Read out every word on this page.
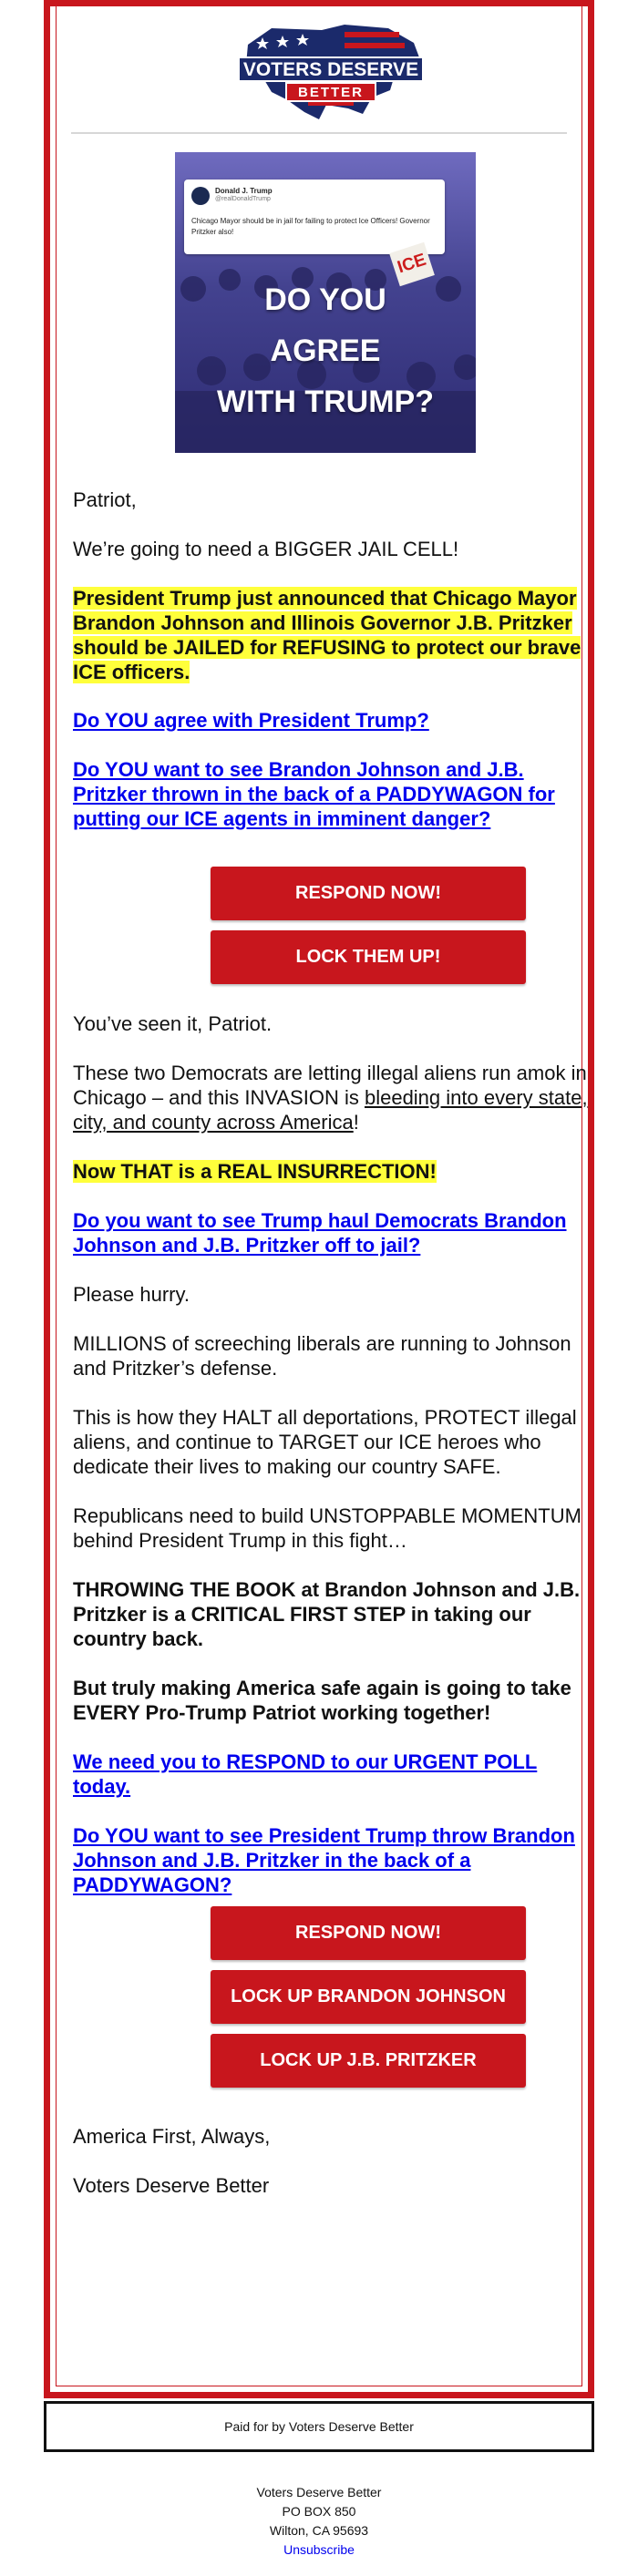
VOTERS DESERVE
BETTER
Donald J. Trump
@realDonaldTrump
Chicago Mayor should be in jail for failing to protect Ice Officers! Governor Pritzker also!
ICE
DO YOU
AGREE
WITH TRUMP?
Patriot,
We’re going to need a BIGGER JAIL CELL!
President Trump just announced that Chicago Mayor Brandon Johnson and Illinois Governor J.B. Pritzker should be JAILED for REFUSING to protect our brave ICE officers.
Do YOU agree with President Trump?
Do YOU want to see Brandon Johnson and J.B. Pritzker thrown in the back of a PADDYWAGON for putting our ICE agents in imminent danger?
RESPOND NOW!
LOCK THEM UP!
You’ve seen it, Patriot.
These two Democrats are letting illegal aliens run amok in Chicago – and this INVASION is bleeding into every state, city, and county across America!
Now THAT is a REAL INSURRECTION!
Do you want to see Trump haul Democrats Brandon Johnson and J.B. Pritzker off to jail?
Please hurry.
MILLIONS of screeching liberals are running to Johnson and Pritzker’s defense.
This is how they HALT all deportations, PROTECT illegal aliens, and continue to TARGET our ICE heroes who dedicate their lives to making our country SAFE.
Republicans need to build UNSTOPPABLE MOMENTUM behind President Trump in this fight…
THROWING THE BOOK at Brandon Johnson and J.B. Pritzker is a CRITICAL FIRST STEP in taking our country back.
But truly making America safe again is going to take EVERY Pro-Trump Patriot working together!
We need you to RESPOND to our URGENT POLL today.
Do YOU want to see President Trump throw Brandon Johnson and J.B. Pritzker in the back of a PADDYWAGON?
RESPOND NOW!
LOCK UP BRANDON JOHNSON
LOCK UP J.B. PRITZKER
America First, Always,
Voters Deserve Better
Paid for by Voters Deserve Better
Voters Deserve Better
PO BOX 850
Wilton, CA 95693
Unsubscribe
